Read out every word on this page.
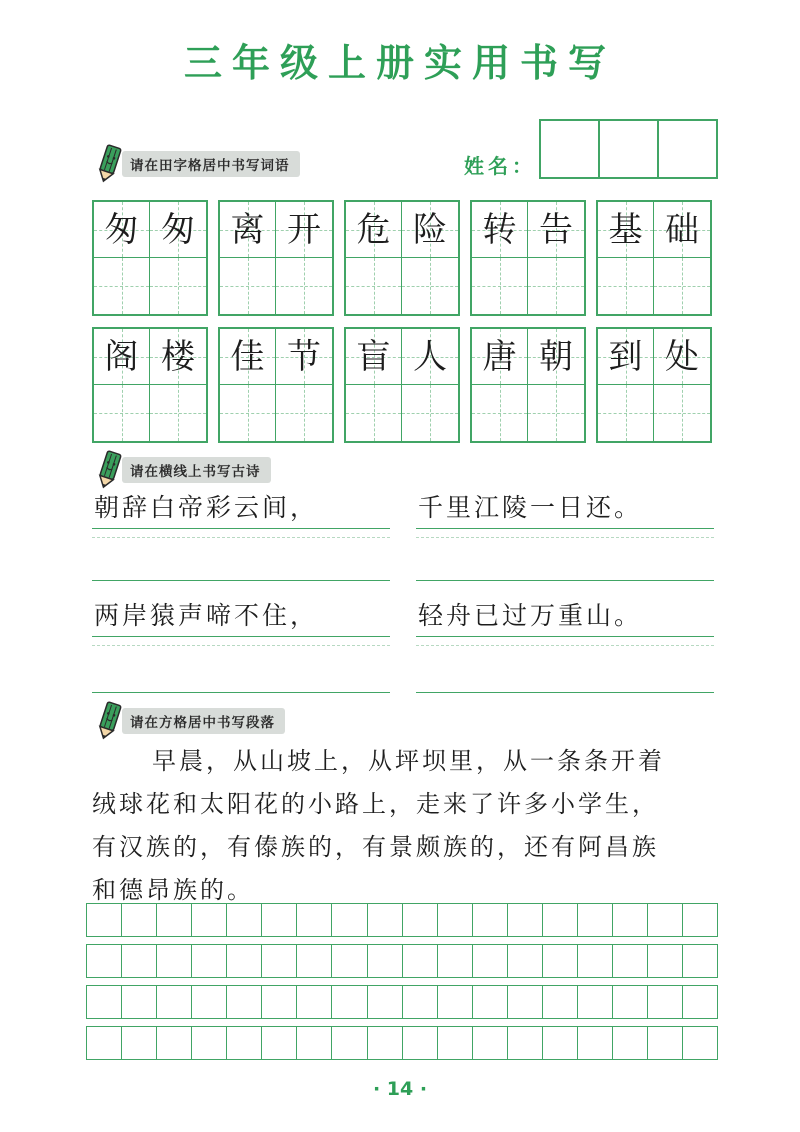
三年级上册实用书写
请在田字格居中书写词语	姓名：
匆 匆	离 开	危 险	转 告	基 础
阁 楼	佳 节	盲 人	唐 朝	到 处
请在横线上书写古诗
朝辞白帝彩云间，	千里江陵一日还。
两岸猿声啼不住，	轻舟已过万重山。
请在方格居中书写段落
早晨，从山坡上，从坪坝里，从一条条开着
绒球花和太阳花的小路上，走来了许多小学生，
有汉族的，有傣族的，有景颇族的，还有阿昌族
和德昂族的。
· 14 ·
